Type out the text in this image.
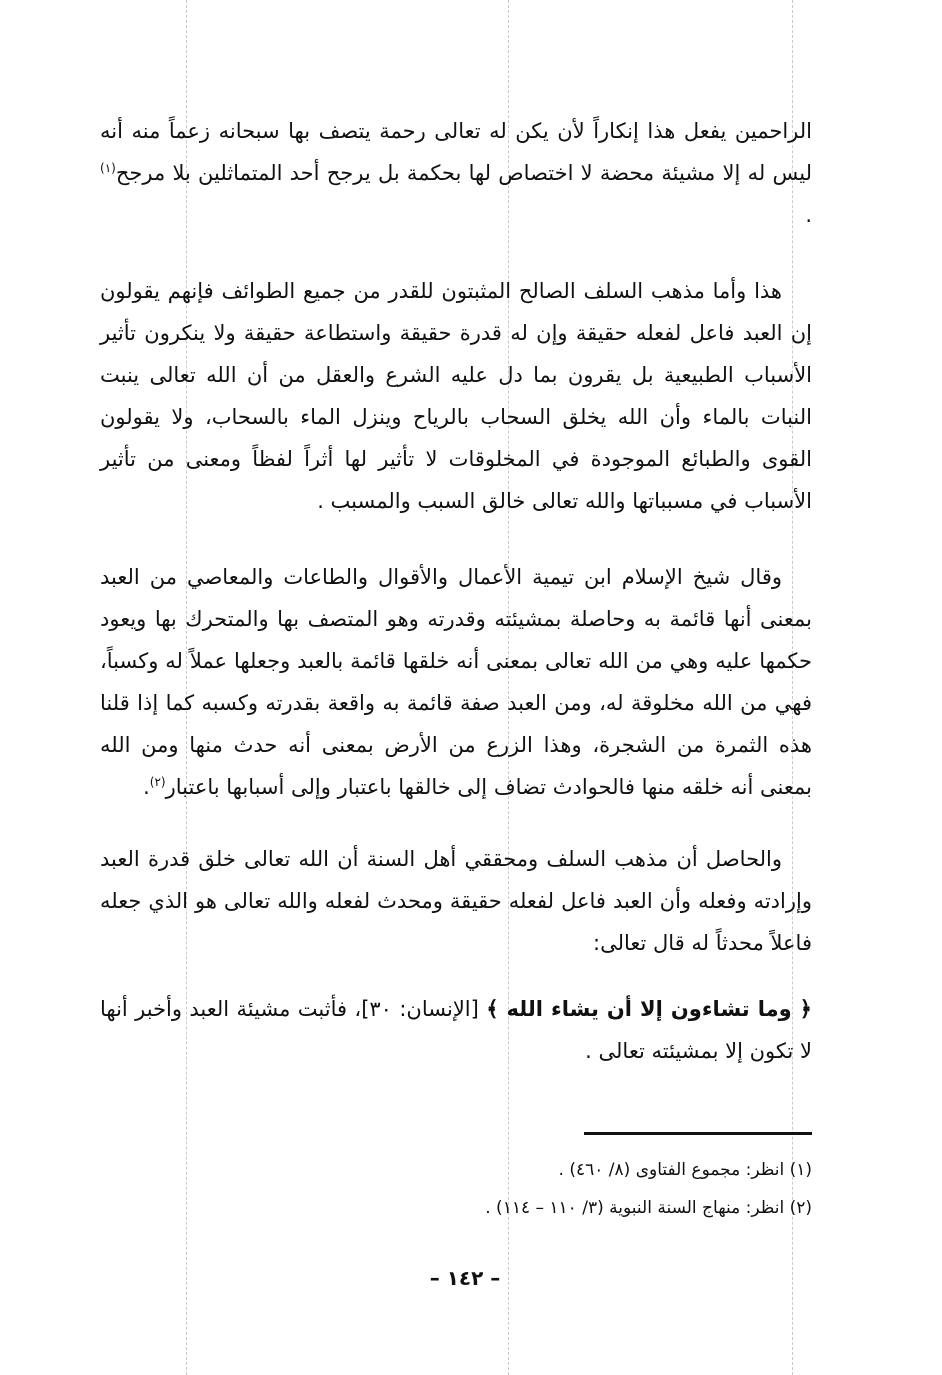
الراحمين يفعل هذا إنكاراً لأن يكن له تعالى رحمة يتصف بها سبحانه زعماً منه أنه ليس له إلا مشيئة محضة لا اختصاص لها بحكمة بل يرجح أحد المتماثلين بلا مرجح$^{(١)}$ .

هذا وأما مذهب السلف الصالح المثبتون للقدر من جميع الطوائف فإنهم يقولون إن العبد فاعل لفعله حقيقة وإن له قدرة حقيقة واستطاعة حقيقة ولا ينكرون تأثير الأسباب الطبيعية بل يقرون بما دل عليه الشرع والعقل من أن الله تعالى ينبت النبات بالماء وأن الله يخلق السحاب بالرياح وينزل الماء بالسحاب، ولا يقولون القوى والطبائع الموجودة في المخلوقات لا تأثير لها أثراً لفظاً ومعنى من تأثير الأسباب في مسبباتها والله تعالى خالق السبب والمسبب .

وقال شيخ الإسلام ابن تيمية الأعمال والأقوال والطاعات والمعاصي من العبد بمعنى أنها قائمة به وحاصلة بمشيئته وقدرته وهو المتصف بها والمتحرك بها ويعود حكمها عليه وهي من الله تعالى بمعنى أنه خلقها قائمة بالعبد وجعلها عملاً له وكسباً، فهي من الله مخلوقة له، ومن العبد صفة قائمة به واقعة بقدرته وكسبه كما إذا قلنا هذه الثمرة من الشجرة، وهذا الزرع من الأرض بمعنى أنه حدث منها ومن الله بمعنى أنه خلقه منها فالحوادث تضاف إلى خالقها باعتبار وإلى أسبابها باعتبار$^{(٢)}$.

والحاصل أن مذهب السلف ومحققي أهل السنة أن الله تعالى خلق قدرة العبد وإرادته وفعله وأن العبد فاعل لفعله حقيقة ومحدث لفعله والله تعالى هو الذي جعله فاعلاً محدثاً له قال تعالى:

﴿ وما تشاءون إلا أن يشاء الله ﴾ [الإنسان: ٣٠]، فأثبت مشيئة العبد وأخبر أنها لا تكون إلا بمشيئته تعالى .

(١) انظر: مجموع الفتاوى (٨/ ٤٦٠) .
(٢) انظر: منهاج السنة النبوية (٣/ ١١٠ – ١١٤) .
– ١٤٢ –
